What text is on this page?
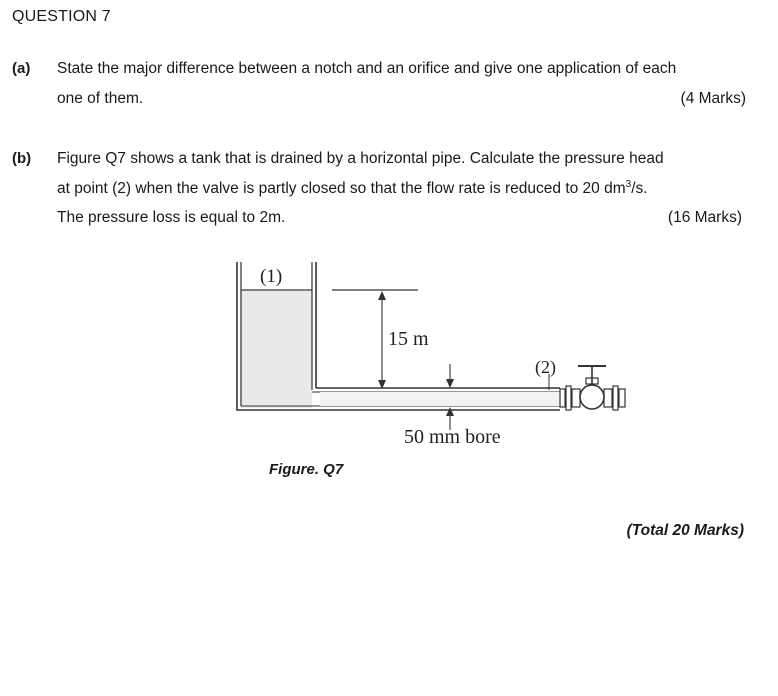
QUESTION 7
(a) State the major difference between a notch and an orifice and give one application of each
one of them.	(4 Marks)
(b) Figure Q7 shows a tank that is drained by a horizontal pipe. Calculate the pressure head
at point (2) when the valve is partly closed so that the flow rate is reduced to 20 $dm^3/s$.
The pressure loss is equal to 2m.	(16 Marks)
(1)
15 m
(2)
50 mm bore
Figure. Q7
(Total 20 Marks)
